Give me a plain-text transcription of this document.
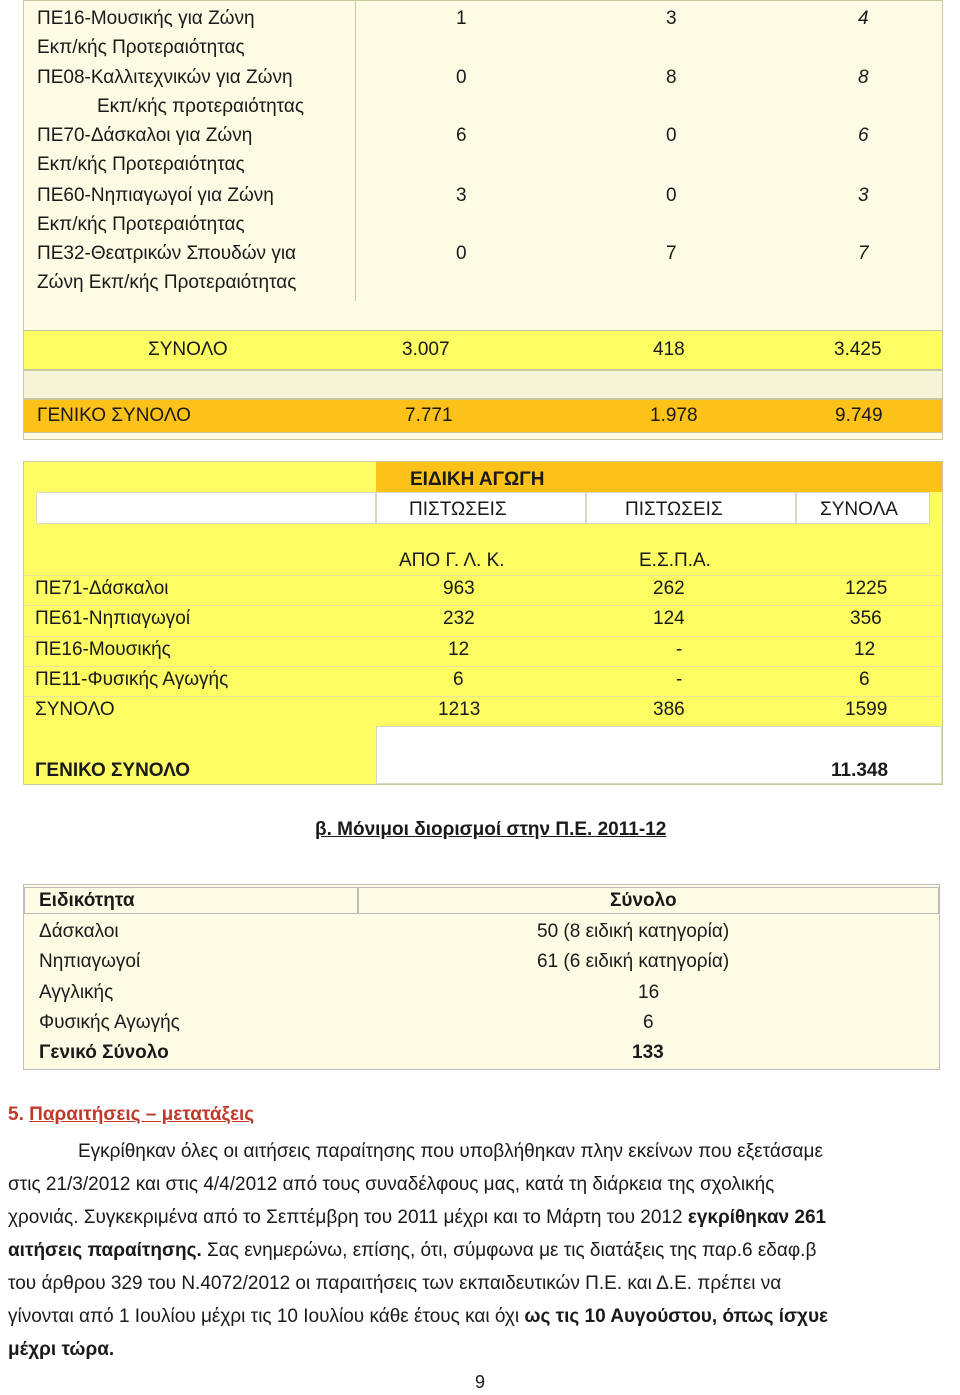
ΠΕ16-Μουσικής για Ζώνη
Εκπ/κής Προτεραιότητας
1	3	4
ΠΕ08-Καλλιτεχνικών για Ζώνη
Εκπ/κής προτεραιότητας
0	8	8
ΠΕ70-Δάσκαλοι για Ζώνη
Εκπ/κής Προτεραιότητας
6	0	6
ΠΕ60-Νηπιαγωγοί για Ζώνη
Εκπ/κής Προτεραιότητας
3	0	3
ΠΕ32-Θεατρικών Σπουδών για
Ζώνη Εκπ/κής Προτεραιότητας
0	7	7
ΣΥΝΟΛΟ	3.007	418	3.425
ΓΕΝΙΚΟ ΣΥΝΟΛΟ	7.771	1.978	9.749
ΕΙΔΙΚΗ ΑΓΩΓΗ
ΠΙΣΤΩΣΕΙΣ	ΠΙΣΤΩΣΕΙΣ	ΣΥΝΟΛΑ
ΑΠΟ Γ. Λ. Κ.	Ε.Σ.Π.Α.
ΠΕ71-Δάσκαλοι	963	262	1225
ΠΕ61-Νηπιαγωγοί	232	124	356
ΠΕ16-Μουσικής	12	-	12
ΠΕ11-Φυσικής Αγωγής	6	-	6
ΣΥΝΟΛΟ	1213	386	1599
ΓΕΝΙΚΟ ΣΥΝΟΛΟ	11.348
β. Μόνιμοι διορισμοί στην Π.Ε. 2011-12
Ειδικότητα	Σύνολο
Δάσκαλοι	50 (8 ειδική κατηγορία)
Νηπιαγωγοί	61 (6 ειδική κατηγορία)
Αγγλικής	16
Φυσικής Αγωγής	6
Γενικό Σύνολο	133
5. Παραιτήσεις – μετατάξεις
Εγκρίθηκαν όλες οι αιτήσεις παραίτησης που υποβλήθηκαν πλην εκείνων που εξετάσαμε
στις 21/3/2012 και στις 4/4/2012 από τους συναδέλφους μας, κατά τη διάρκεια της σχολικής
χρονιάς. Συγκεκριμένα από το Σεπτέμβρη του 2011 μέχρι και το Μάρτη του 2012 εγκρίθηκαν 261
αιτήσεις παραίτησης. Σας ενημερώνω, επίσης, ότι, σύμφωνα με τις διατάξεις της παρ.6 εδαφ.β
του άρθρου 329 του Ν.4072/2012 οι παραιτήσεις των εκπαιδευτικών Π.Ε. και Δ.Ε. πρέπει να
γίνονται από 1 Ιουλίου μέχρι τις 10 Ιουλίου κάθε έτους και όχι ως τις 10 Αυγούστου, όπως ίσχυε
μέχρι τώρα.
9
